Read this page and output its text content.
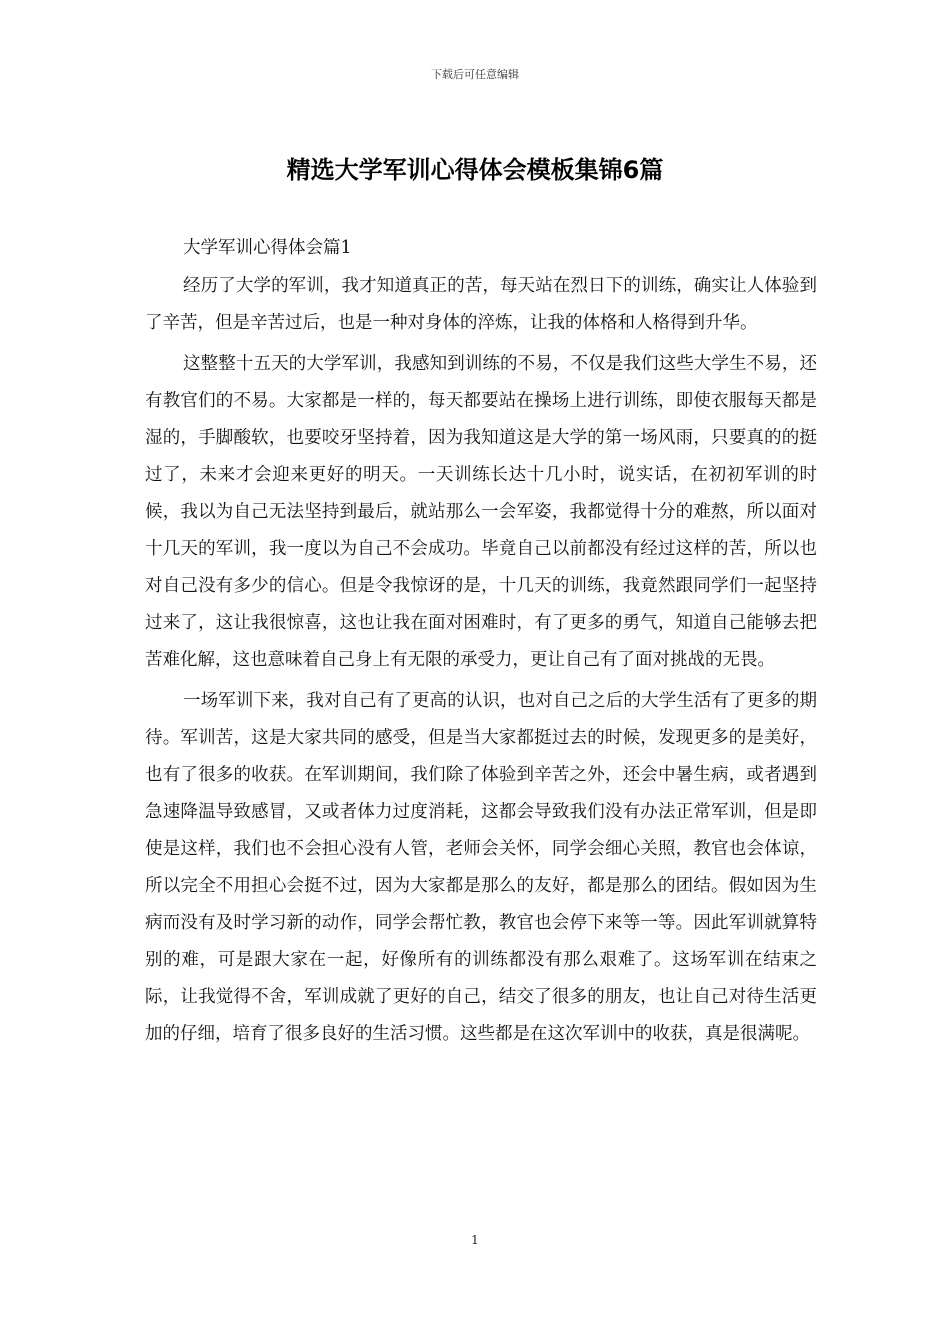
下载后可任意编辑
精选大学军训心得体会模板集锦6篇

大学军训心得体会篇1

经历了大学的军训，我才知道真正的苦，每天站在烈日下的训练，确实让人体验到了辛苦，但是辛苦过后，也是一种对身体的淬炼，让我的体格和人格得到升华。

这整整十五天的大学军训，我感知到训练的不易，不仅是我们这些大学生不易，还有教官们的不易。大家都是一样的，每天都要站在操场上进行训练，即使衣服每天都是湿的，手脚酸软，也要咬牙坚持着，因为我知道这是大学的第一场风雨，只要真的的挺过了，未来才会迎来更好的明天。一天训练长达十几小时，说实话，在初初军训的时候，我以为自己无法坚持到最后，就站那么一会军姿，我都觉得十分的难熬，所以面对十几天的军训，我一度以为自己不会成功。毕竟自己以前都没有经过这样的苦，所以也对自己没有多少的信心。但是令我惊讶的是，十几天的训练，我竟然跟同学们一起坚持过来了，这让我很惊喜，这也让我在面对困难时，有了更多的勇气，知道自己能够去把苦难化解，这也意味着自己身上有无限的承受力，更让自己有了面对挑战的无畏。

一场军训下来，我对自己有了更高的认识，也对自己之后的大学生活有了更多的期待。军训苦，这是大家共同的感受，但是当大家都挺过去的时候，发现更多的是美好，也有了很多的收获。在军训期间，我们除了体验到辛苦之外，还会中暑生病，或者遇到急速降温导致感冒，又或者体力过度消耗，这都会导致我们没有办法正常军训，但是即使是这样，我们也不会担心没有人管，老师会关怀，同学会细心关照，教官也会体谅，所以完全不用担心会挺不过，因为大家都是那么的友好，都是那么的团结。假如因为生病而没有及时学习新的动作，同学会帮忙教，教官也会停下来等一等。因此军训就算特别的难，可是跟大家在一起，好像所有的训练都没有那么艰难了。这场军训在结束之际，让我觉得不舍，军训成就了更好的自己，结交了很多的朋友，也让自己对待生活更加的仔细，培育了很多良好的生活习惯。这些都是在这次军训中的收获，真是很满呢。

1
